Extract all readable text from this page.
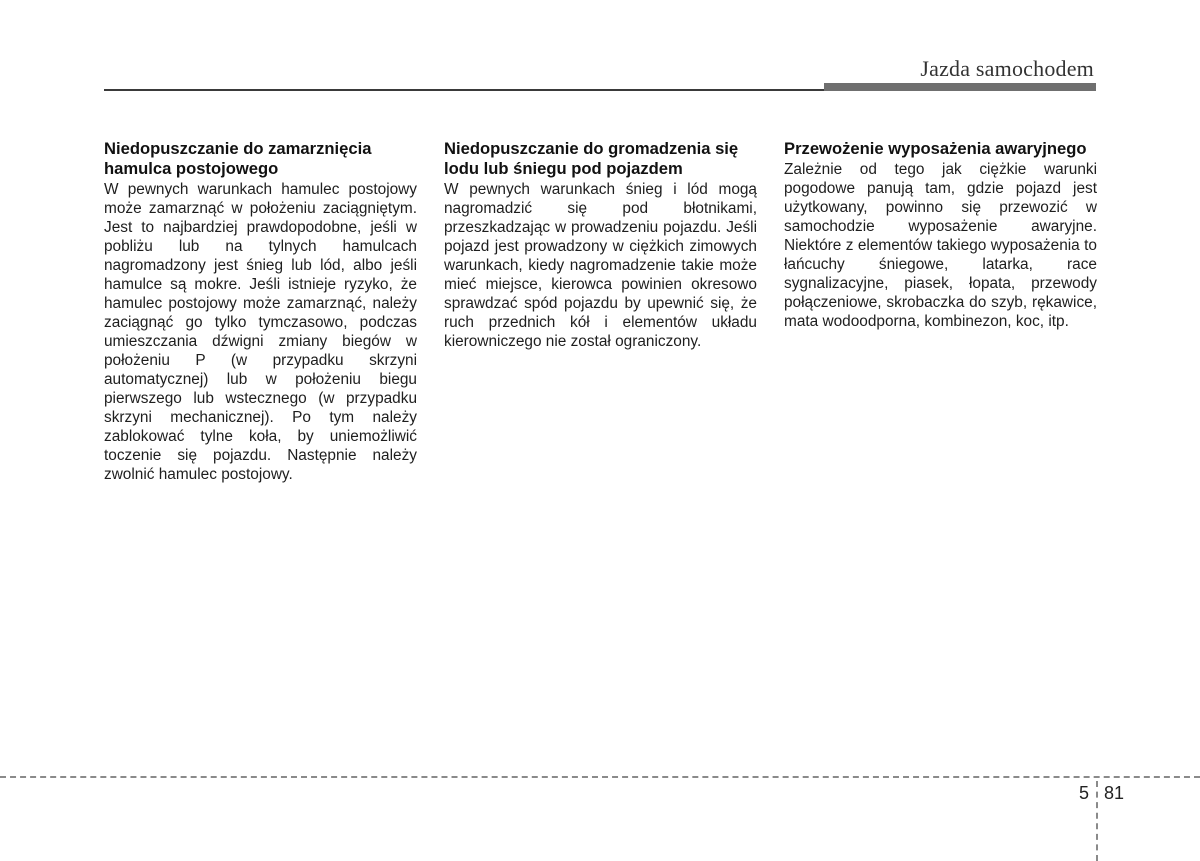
Jazda samochodem
Niedopuszczanie do zamarznięcia hamulca postojowego

W pewnych warunkach hamulec postojowy może zamarznąć w położeniu zaciągniętym. Jest to najbardziej prawdopodobne, jeśli w pobliżu lub na tylnych hamulcach nagromadzony jest śnieg lub lód, albo jeśli hamulce są mokre. Jeśli istnieje ryzyko, że hamulec postojowy może zamarznąć, należy zaciągnąć go tylko tymczasowo, podczas umieszczania dźwigni zmiany biegów w położeniu P (w przypadku skrzyni automatycznej) lub w położeniu biegu pierwszego lub wstecznego (w przypadku skrzyni mechanicznej). Po tym należy zablokować tylne koła, by uniemożliwić toczenie się pojazdu. Następnie należy zwolnić hamulec postojowy.

Niedopuszczanie do gromadzenia się lodu lub śniegu pod pojazdem

W pewnych warunkach śnieg i lód mogą nagromadzić się pod błotnikami, przeszkadzając w prowadzeniu pojazdu. Jeśli pojazd jest prowadzony w ciężkich zimowych warunkach, kiedy nagromadzenie takie może mieć miejsce, kierowca powinien okresowo sprawdzać spód pojazdu by upewnić się, że ruch przednich kół i elementów układu kierowniczego nie został ograniczony.

Przewożenie wyposażenia awaryjnego

Zależnie od tego jak ciężkie warunki pogodowe panują tam, gdzie pojazd jest użytkowany, powinno się przewozić w samochodzie wyposażenie awaryjne. Niektóre z elementów takiego wyposażenia to łańcuchy śniegowe, latarka, race sygnalizacyjne, piasek, łopata, przewody połączeniowe, skrobaczka do szyb, rękawice, mata wodoodporna, kombinezon, koc, itp.

5 81
